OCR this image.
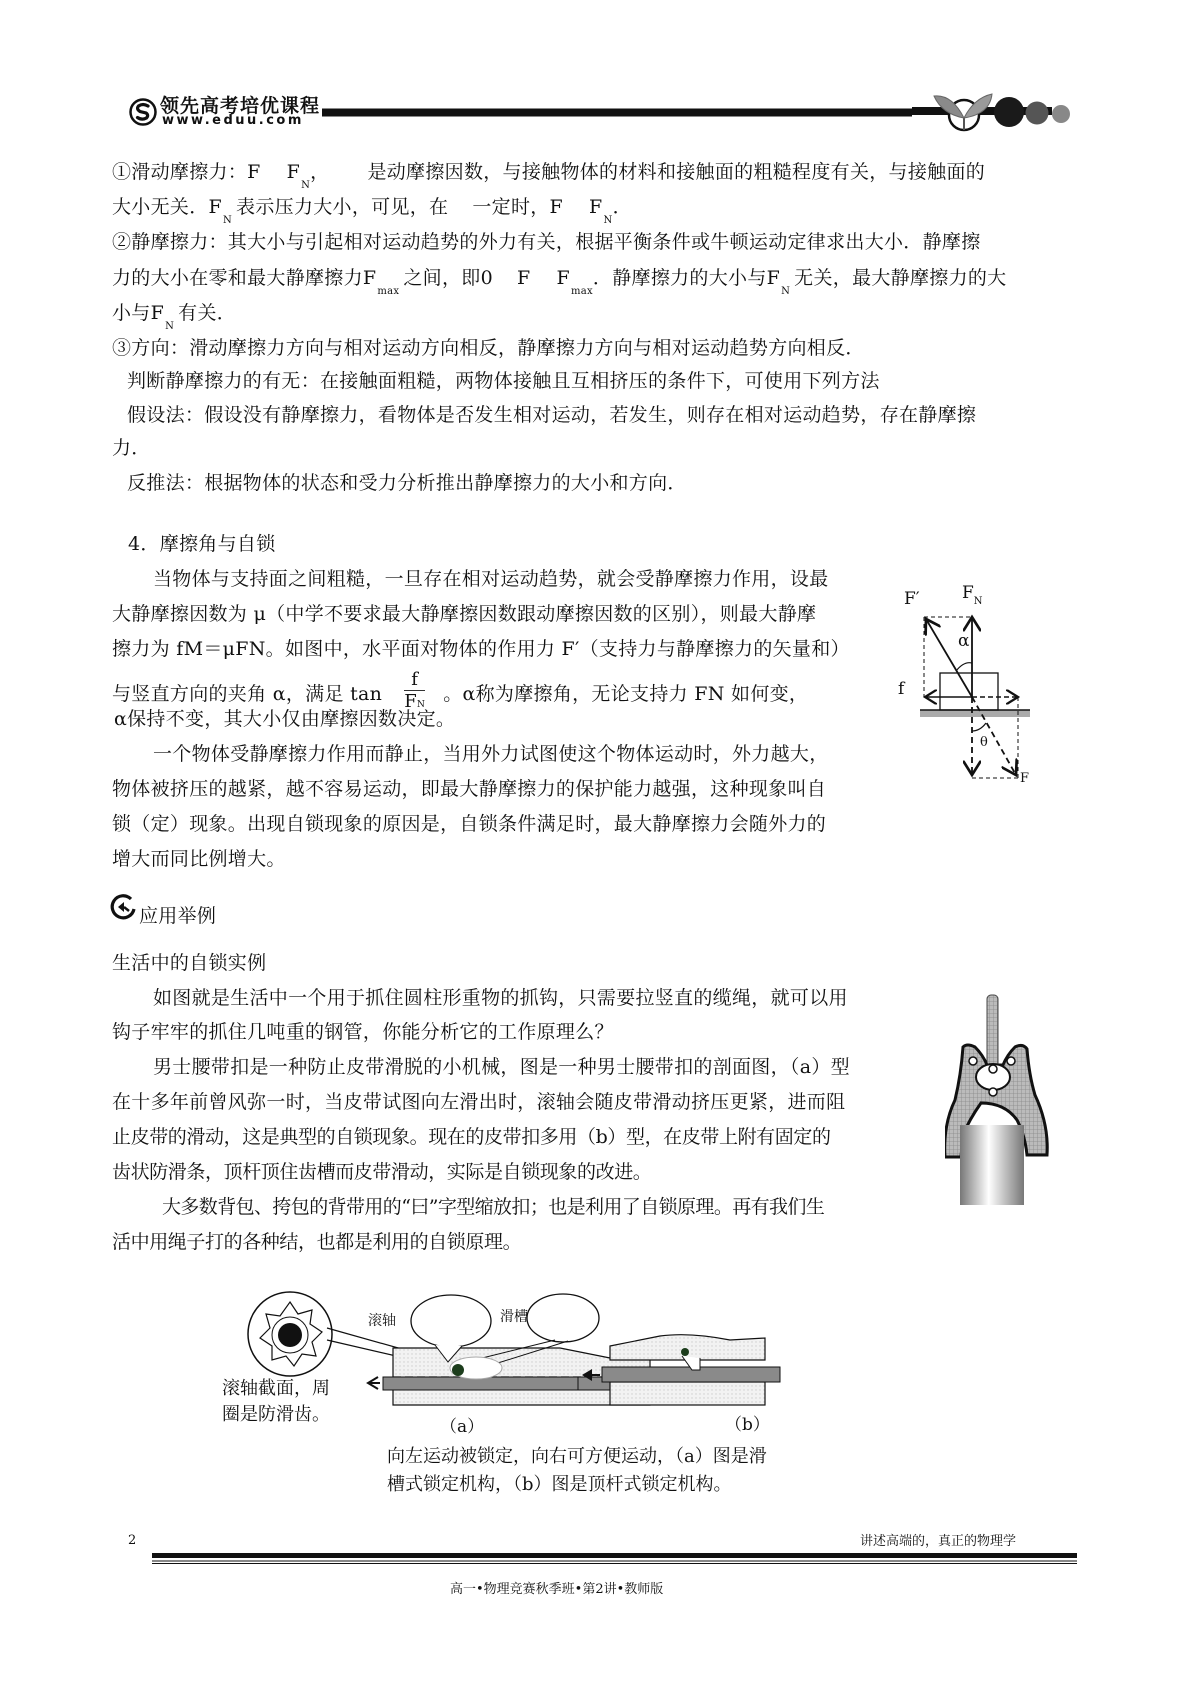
领先高考培优课程
www.eduu.com
①滑动摩擦力：F $F_N$， 是动摩擦因数，与接触物体的材料和接触面的粗糙程度有关，与接触面的
大小无关．$F_N$表示压力大小，可见，在 一定时，F $F_N$．
②静摩擦力：其大小与引起相对运动趋势的外力有关，根据平衡条件或牛顿运动定律求出大小．静摩擦
力的大小在零和最大静摩擦力$F_{max}$之间，即0 F $F_{max}$．静摩擦力的大小与$F_N$无关，最大静摩擦力的大
小与$F_N$有关．
③方向：滑动摩擦力方向与相对运动方向相反，静摩擦力方向与相对运动趋势方向相反．
判断静摩擦力的有无：在接触面粗糙，两物体接触且互相挤压的条件下，可使用下列方法
假设法：假设没有静摩擦力，看物体是否发生相对运动，若发生，则存在相对运动趋势，存在静摩擦
力．
反推法：根据物体的状态和受力分析推出静摩擦力的大小和方向．
4．摩擦角与自锁
当物体与支持面之间粗糙，一旦存在相对运动趋势，就会受静摩擦力作用，设最
大静摩擦因数为 μ（中学不要求最大静摩擦因数跟动摩擦因数的区别），则最大静摩
擦力为 fM＝μFN。如图中，水平面对物体的作用力 F′（支持力与静摩擦力的矢量和）
与竖直方向的夹角 α，满足 $\tan \frac{f}{FN}$ 。α称为摩擦角，无论支持力 FN 如何变，
α保持不变，其大小仅由摩擦因数决定。
一个物体受静摩擦力作用而静止，当用外力试图使这个物体运动时，外力越大，
物体被挤压的越紧，越不容易运动，即最大静摩擦力的保护能力越强，这种现象叫自
锁（定）现象。出现自锁现象的原因是，自锁条件满足时，最大静摩擦力会随外力的
增大而同比例增大。
F′ $F_N$
α
f
θ
F
应用举例
生活中的自锁实例
如图就是生活中一个用于抓住圆柱形重物的抓钩，只需要拉竖直的缆绳，就可以用
钩子牢牢的抓住几吨重的钢管，你能分析它的工作原理么？
男士腰带扣是一种防止皮带滑脱的小机械，图是一种男士腰带扣的剖面图，（a）型
在十多年前曾风弥一时，当皮带试图向左滑出时，滚轴会随皮带滑动挤压更紧，进而阻
止皮带的滑动，这是典型的自锁现象。现在的皮带扣多用（b）型，在皮带上附有固定的
齿状防滑条，顶杆顶住齿槽而皮带滑动，实际是自锁现象的改进。
大多数背包、挎包的背带用的“曰”字型缩放扣；也是利用了自锁原理。再有我们生
活中用绳子打的各种结，也都是利用的自锁原理。
滚轴	滑槽
滚轴截面，周
圈是防滑齿。
（a）	（b）
向左运动被锁定，向右可方便运动，（a）图是滑
槽式锁定机构，（b）图是顶杆式锁定机构。
2	讲述高端的，真正的物理学
高一•物理竞赛秋季班•第2讲•教师版
